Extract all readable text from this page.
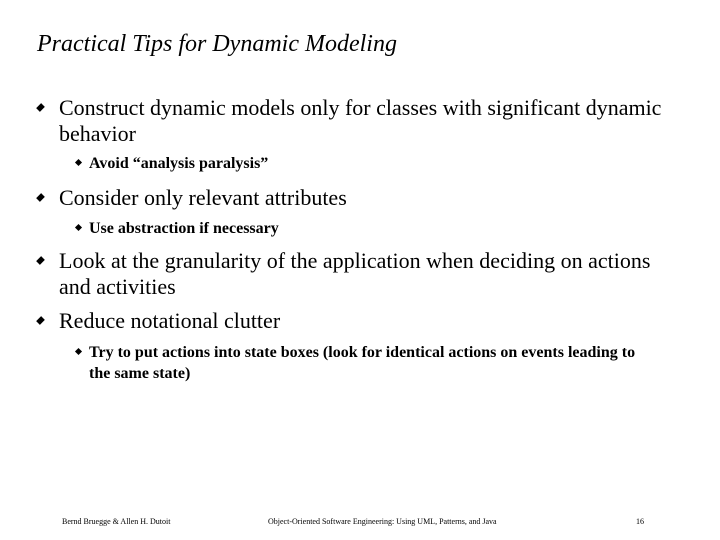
Practical Tips for Dynamic Modeling
Construct dynamic models only for classes with significant dynamic behavior
Avoid “analysis paralysis”
Consider only relevant attributes
Use abstraction if necessary
Look at the granularity of the application when deciding on actions and activities
Reduce notational clutter
Try to put actions into state boxes (look for identical actions on events leading to the same state)
Bernd Bruegge & Allen H. Dutoit	Object-Oriented Software Engineering: Using UML, Patterns, and Java	16
